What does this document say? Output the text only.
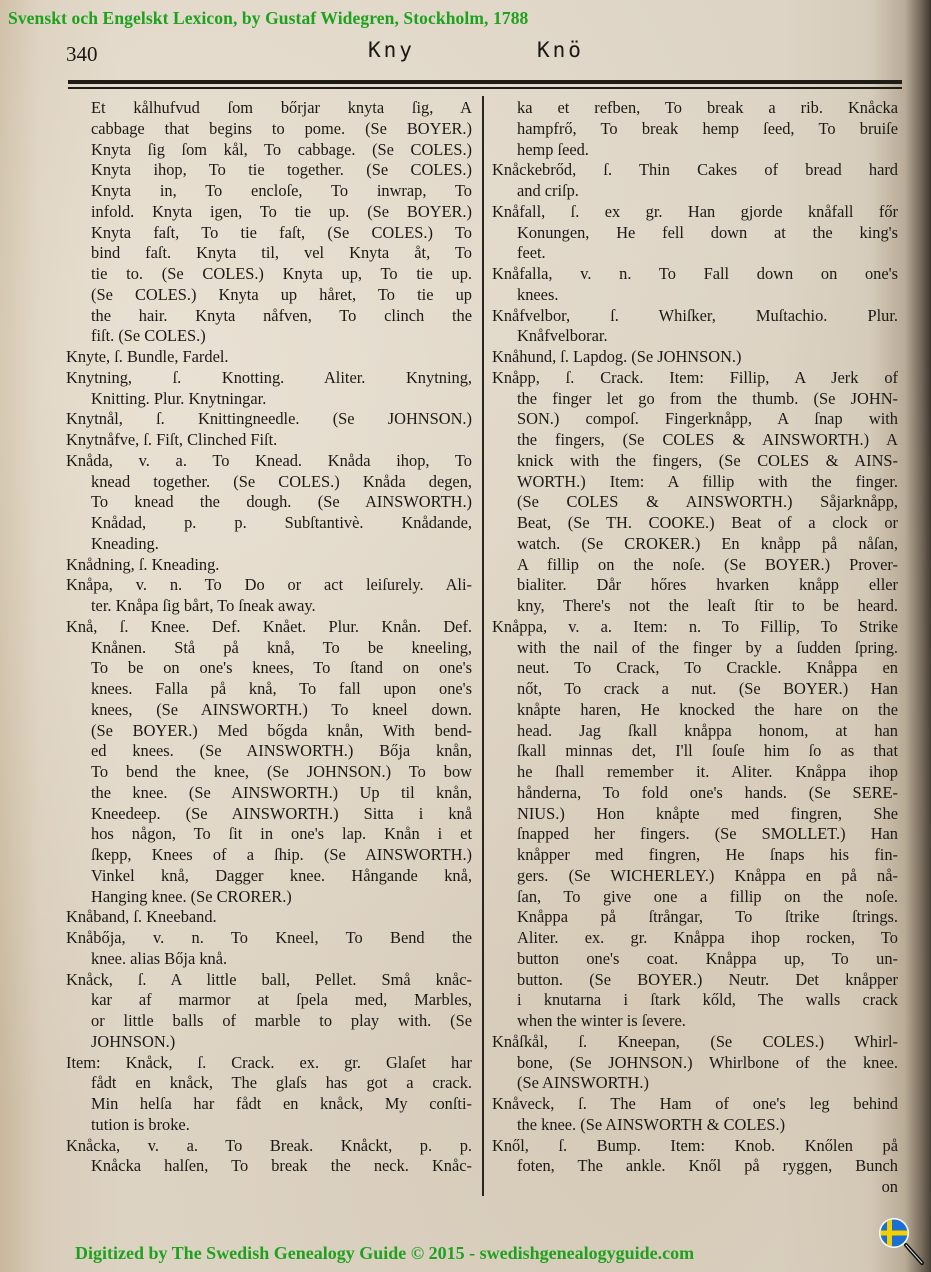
Svenskt och Engelskt Lexicon, by Gustaf Widegren, Stockholm, 1788
340	Kny	Knö
Et kålhufvud ſom bőrjar knyta ſig, A
cabbage that begins to pome. (Se BOYER.)
Knyta ſig ſom kål, To cabbage. (Se COLES.)
Knyta ihop, To tie together. (Se COLES.)
Knyta in, To encloſe, To inwrap, To
infold. Knyta igen, To tie up. (Se BOYER.)
Knyta faſt, To tie faſt, (Se COLES.) To
bind faſt. Knyta til, vel Knyta åt, To
tie to. (Se COLES.) Knyta up, To tie up.
(Se COLES.) Knyta up håret, To tie up
the hair. Knyta nåfven, To clinch the
fiſt. (Se COLES.)
Knyte, ſ. Bundle, Fardel.
Knytning, ſ. Knotting. Aliter. Knytning,
Knitting. Plur. Knytningar.
Knytnål, ſ. Knittingneedle. (Se JOHNSON.)
Knytnåfve, ſ. Fiſt, Clinched Fiſt.
Knåda, v. a. To Knead. Knåda ihop, To
knead together. (Se COLES.) Knåda degen,
To knead the dough. (Se AINSWORTH.)
Knådad, p. p. Subſtantivè. Knådande,
Kneading.
Knådning, ſ. Kneading.
Knåpa, v. n. To Do or act leiſurely. Ali-
ter. Knåpa ſig bårt, To ſneak away.
Knå, ſ. Knee. Def. Knået. Plur. Knån. Def.
Knånen. Stå på knå, To be kneeling,
To be on one's knees, To ſtand on one's
knees. Falla på knå, To fall upon one's
knees, (Se AINSWORTH.) To kneel down.
(Se BOYER.) Med bőgda knån, With bend-
ed knees. (Se AINSWORTH.) Bőja knån,
To bend the knee, (Se JOHNSON.) To bow
the knee. (Se AINSWORTH.) Up til knån,
Kneedeep. (Se AINSWORTH.) Sitta i knå
hos någon, To ſit in one's lap. Knån i et
ſkepp, Knees of a ſhip. (Se AINSWORTH.)
Vinkel knå, Dagger knee. Hångande knå,
Hanging knee. (Se CRORER.)
Knåband, ſ. Kneeband.
Knåbőja, v. n. To Kneel, To Bend the
knee. alias Bőja knå.
Knåck, ſ. A little ball, Pellet. Små knåc-
kar af marmor at ſpela med, Marbles,
or little balls of marble to play with. (Se
JOHNSON.)
Item: Knåck, ſ. Crack. ex. gr. Glaſet har
fådt en knåck, The glaſs has got a crack.
Min helſa har fådt en knåck, My conſti-
tution is broke.
Knåcka, v. a. To Break. Knåckt, p. p.
Knåcka halſen, To break the neck. Knåc-
ka et refben, To break a rib. Knåcka
hampfrő, To break hemp ſeed, To bruiſe
hemp ſeed.
Knåckebrőd, ſ. Thin Cakes of bread hard
and criſp.
Knåfall, ſ. ex gr. Han gjorde knåfall főr
Konungen, He fell down at the king's
feet.
Knåfalla, v. n. To Fall down on one's
knees.
Knåfvelbor, ſ. Whiſker, Muſtachio. Plur.
Knåfvelborar.
Knåhund, ſ. Lapdog. (Se JOHNSON.)
Knåpp, ſ. Crack. Item: Fillip, A Jerk of
the finger let go from the thumb. (Se JOHN-
SON.) compoſ. Fingerknåpp, A ſnap with
the fingers, (Se COLES & AINSWORTH.) A
knick with the fingers, (Se COLES & AINS-
WORTH.) Item: A fillip with the finger.
(Se COLES & AINSWORTH.) Såjarknåpp,
Beat, (Se TH. COOKE.) Beat of a clock or
watch. (Se CROKER.) En knåpp på nåſan,
A fillip on the noſe. (Se BOYER.) Prover-
bialiter. Dår hőres hvarken knåpp eller
kny, There's not the leaſt ſtir to be heard.
Knåppa, v. a. Item: n. To Fillip, To Strike
with the nail of the finger by a ſudden ſpring.
neut. To Crack, To Crackle. Knåppa en
nőt, To crack a nut. (Se BOYER.) Han
knåpte haren, He knocked the hare on the
head. Jag ſkall knåppa honom, at han
ſkall minnas det, I'll ſouſe him ſo as that
he ſhall remember it. Aliter. Knåppa ihop
hånderna, To fold one's hands. (Se SERE-
NIUS.) Hon knåpte med fingren, She
ſnapped her fingers. (Se SMOLLET.) Han
knåpper med fingren, He ſnaps his fin-
gers. (Se WICHERLEY.) Knåppa en på nå-
ſan, To give one a fillip on the noſe.
Knåppa på ſtrångar, To ſtrike ſtrings.
Aliter. ex. gr. Knåppa ihop rocken, To
button one's coat. Knåppa up, To un-
button. (Se BOYER.) Neutr. Det knåpper
i knutarna i ſtark kőld, The walls crack
when the winter is ſevere.
Knåſkål, ſ. Kneepan, (Se COLES.) Whirl-
bone, (Se JOHNSON.) Whirlbone of the knee.
(Se AINSWORTH.)
Knåveck, ſ. The Ham of one's leg behind
the knee. (Se AINSWORTH & COLES.)
Knől, ſ. Bump. Item: Knob. Knőlen på
foten, The ankle. Knől på ryggen, Bunch
on
Digitized by The Swedish Genealogy Guide © 2015 - swedishgenealogyguide.com
